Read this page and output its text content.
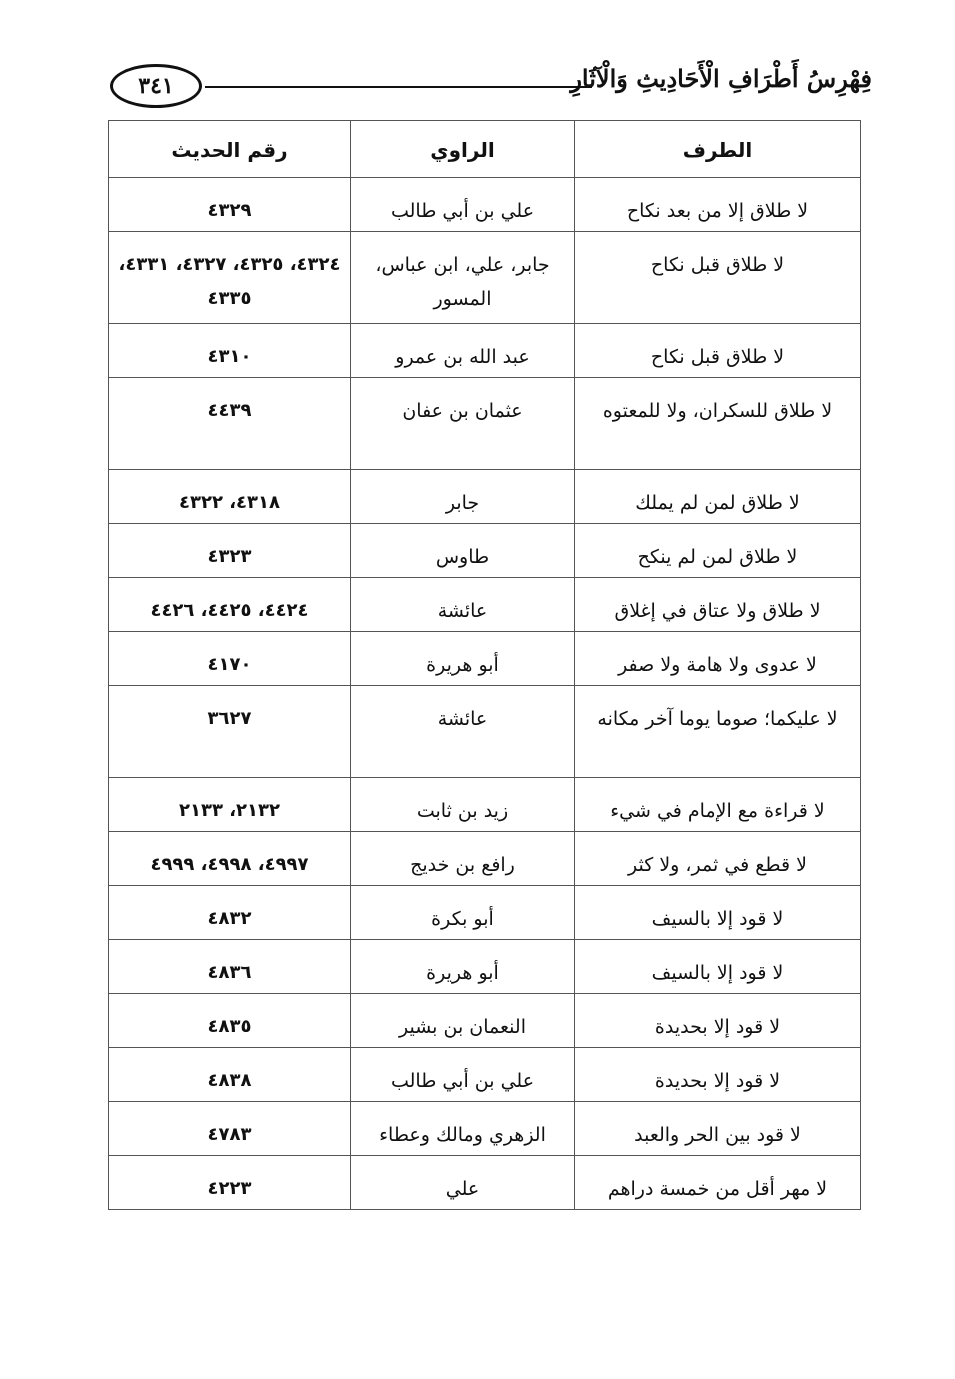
فِهْرِسُ أَطْرَافِ الْأَحَادِيثِ وَالْآثَارِ
٣٤١
الطرف	الراوي	رقم الحديث
لا طلاق إلا من بعد نكاح	علي بن أبي طالب	٤٣٢٩
لا طلاق قبل نكاح	جابر، علي، ابن عباس، المسور	٤٣٢٤، ٤٣٢٥، ٤٣٢٧، ٤٣٣١، ٤٣٣٥
لا طلاق قبل نكاح	عبد الله بن عمرو	٤٣١٠
لا طلاق للسكران، ولا للمعتوه	عثمان بن عفان	٤٤٣٩
لا طلاق لمن لم يملك	جابر	٤٣١٨، ٤٣٢٢
لا طلاق لمن لم ينكح	طاوس	٤٣٢٣
لا طلاق ولا عتاق في إغلاق	عائشة	٤٤٢٤، ٤٤٢٥، ٤٤٢٦
لا عدوى ولا هامة ولا صفر	أبو هريرة	٤١٧٠
لا عليكما؛ صوما يوما آخر مكانه	عائشة	٣٦٢٧
لا قراءة مع الإمام في شيء	زيد بن ثابت	٢١٣٢، ٢١٣٣
لا قطع في ثمر، ولا كثر	رافع بن خديج	٤٩٩٧، ٤٩٩٨، ٤٩٩٩
لا قود إلا بالسيف	أبو بكرة	٤٨٣٢
لا قود إلا بالسيف	أبو هريرة	٤٨٣٦
لا قود إلا بحديدة	النعمان بن بشير	٤٨٣٥
لا قود إلا بحديدة	علي بن أبي طالب	٤٨٣٨
لا قود بين الحر والعبد	الزهري ومالك وعطاء	٤٧٨٣
لا مهر أقل من خمسة دراهم	علي	٤٢٢٣
